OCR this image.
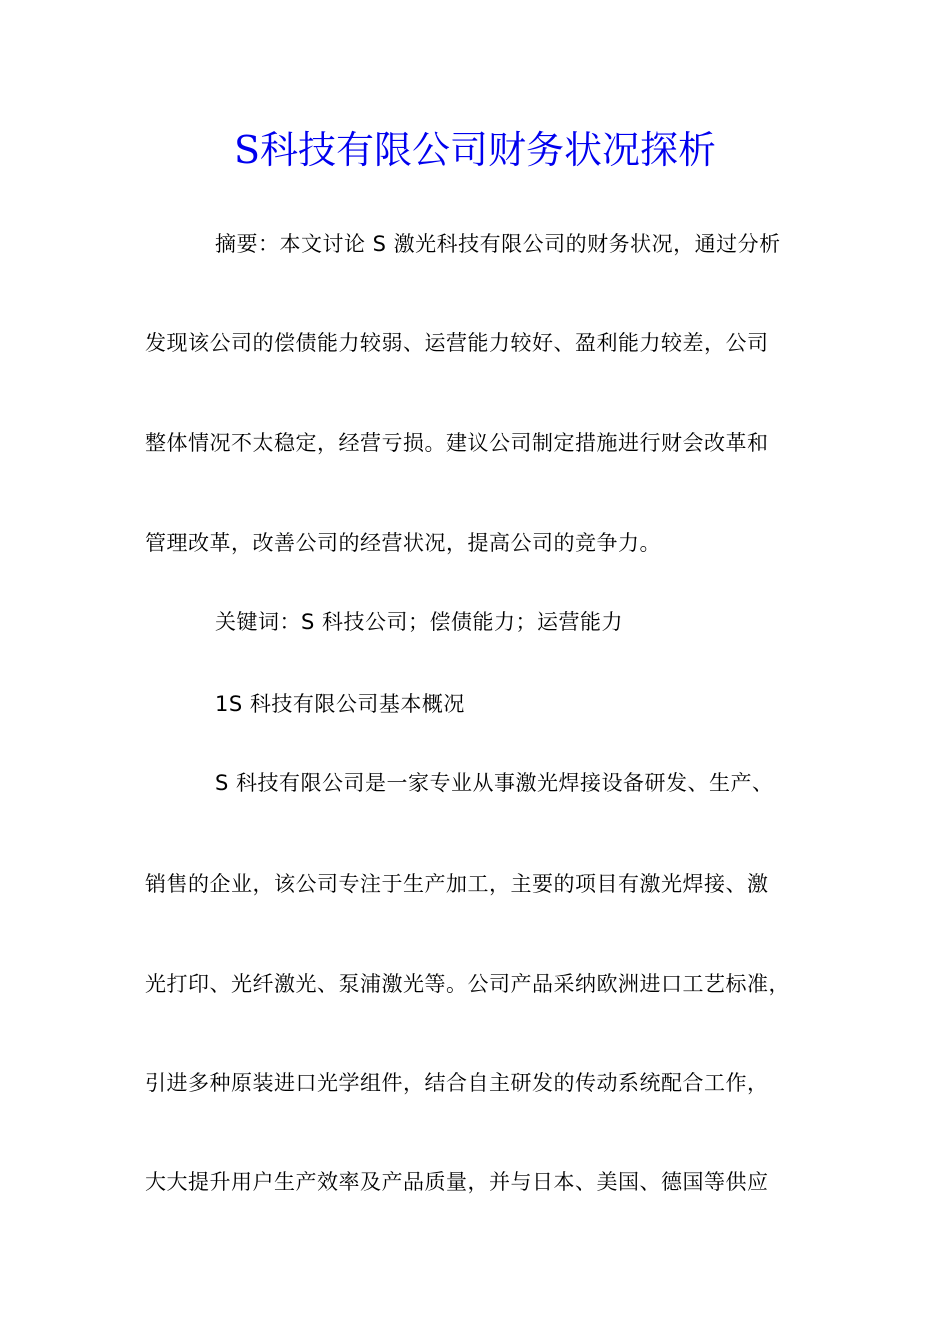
S科技有限公司财务状况探析
摘要：本文讨论 S 激光科技有限公司的财务状况，通过分析
发现该公司的偿债能力较弱、运营能力较好、盈利能力较差，公司
整体情况不太稳定，经营亏损。建议公司制定措施进行财会改革和
管理改革，改善公司的经营状况，提高公司的竞争力。
关键词：S 科技公司；偿债能力；运营能力
1S 科技有限公司基本概况
S 科技有限公司是一家专业从事激光焊接设备研发、生产、
销售的企业，该公司专注于生产加工，主要的项目有激光焊接、激
光打印、光纤激光、泵浦激光等。公司产品采纳欧洲进口工艺标准，
引进多种原装进口光学组件，结合自主研发的传动系统配合工作，
大大提升用户生产效率及产品质量，并与日本、美国、德国等供应
